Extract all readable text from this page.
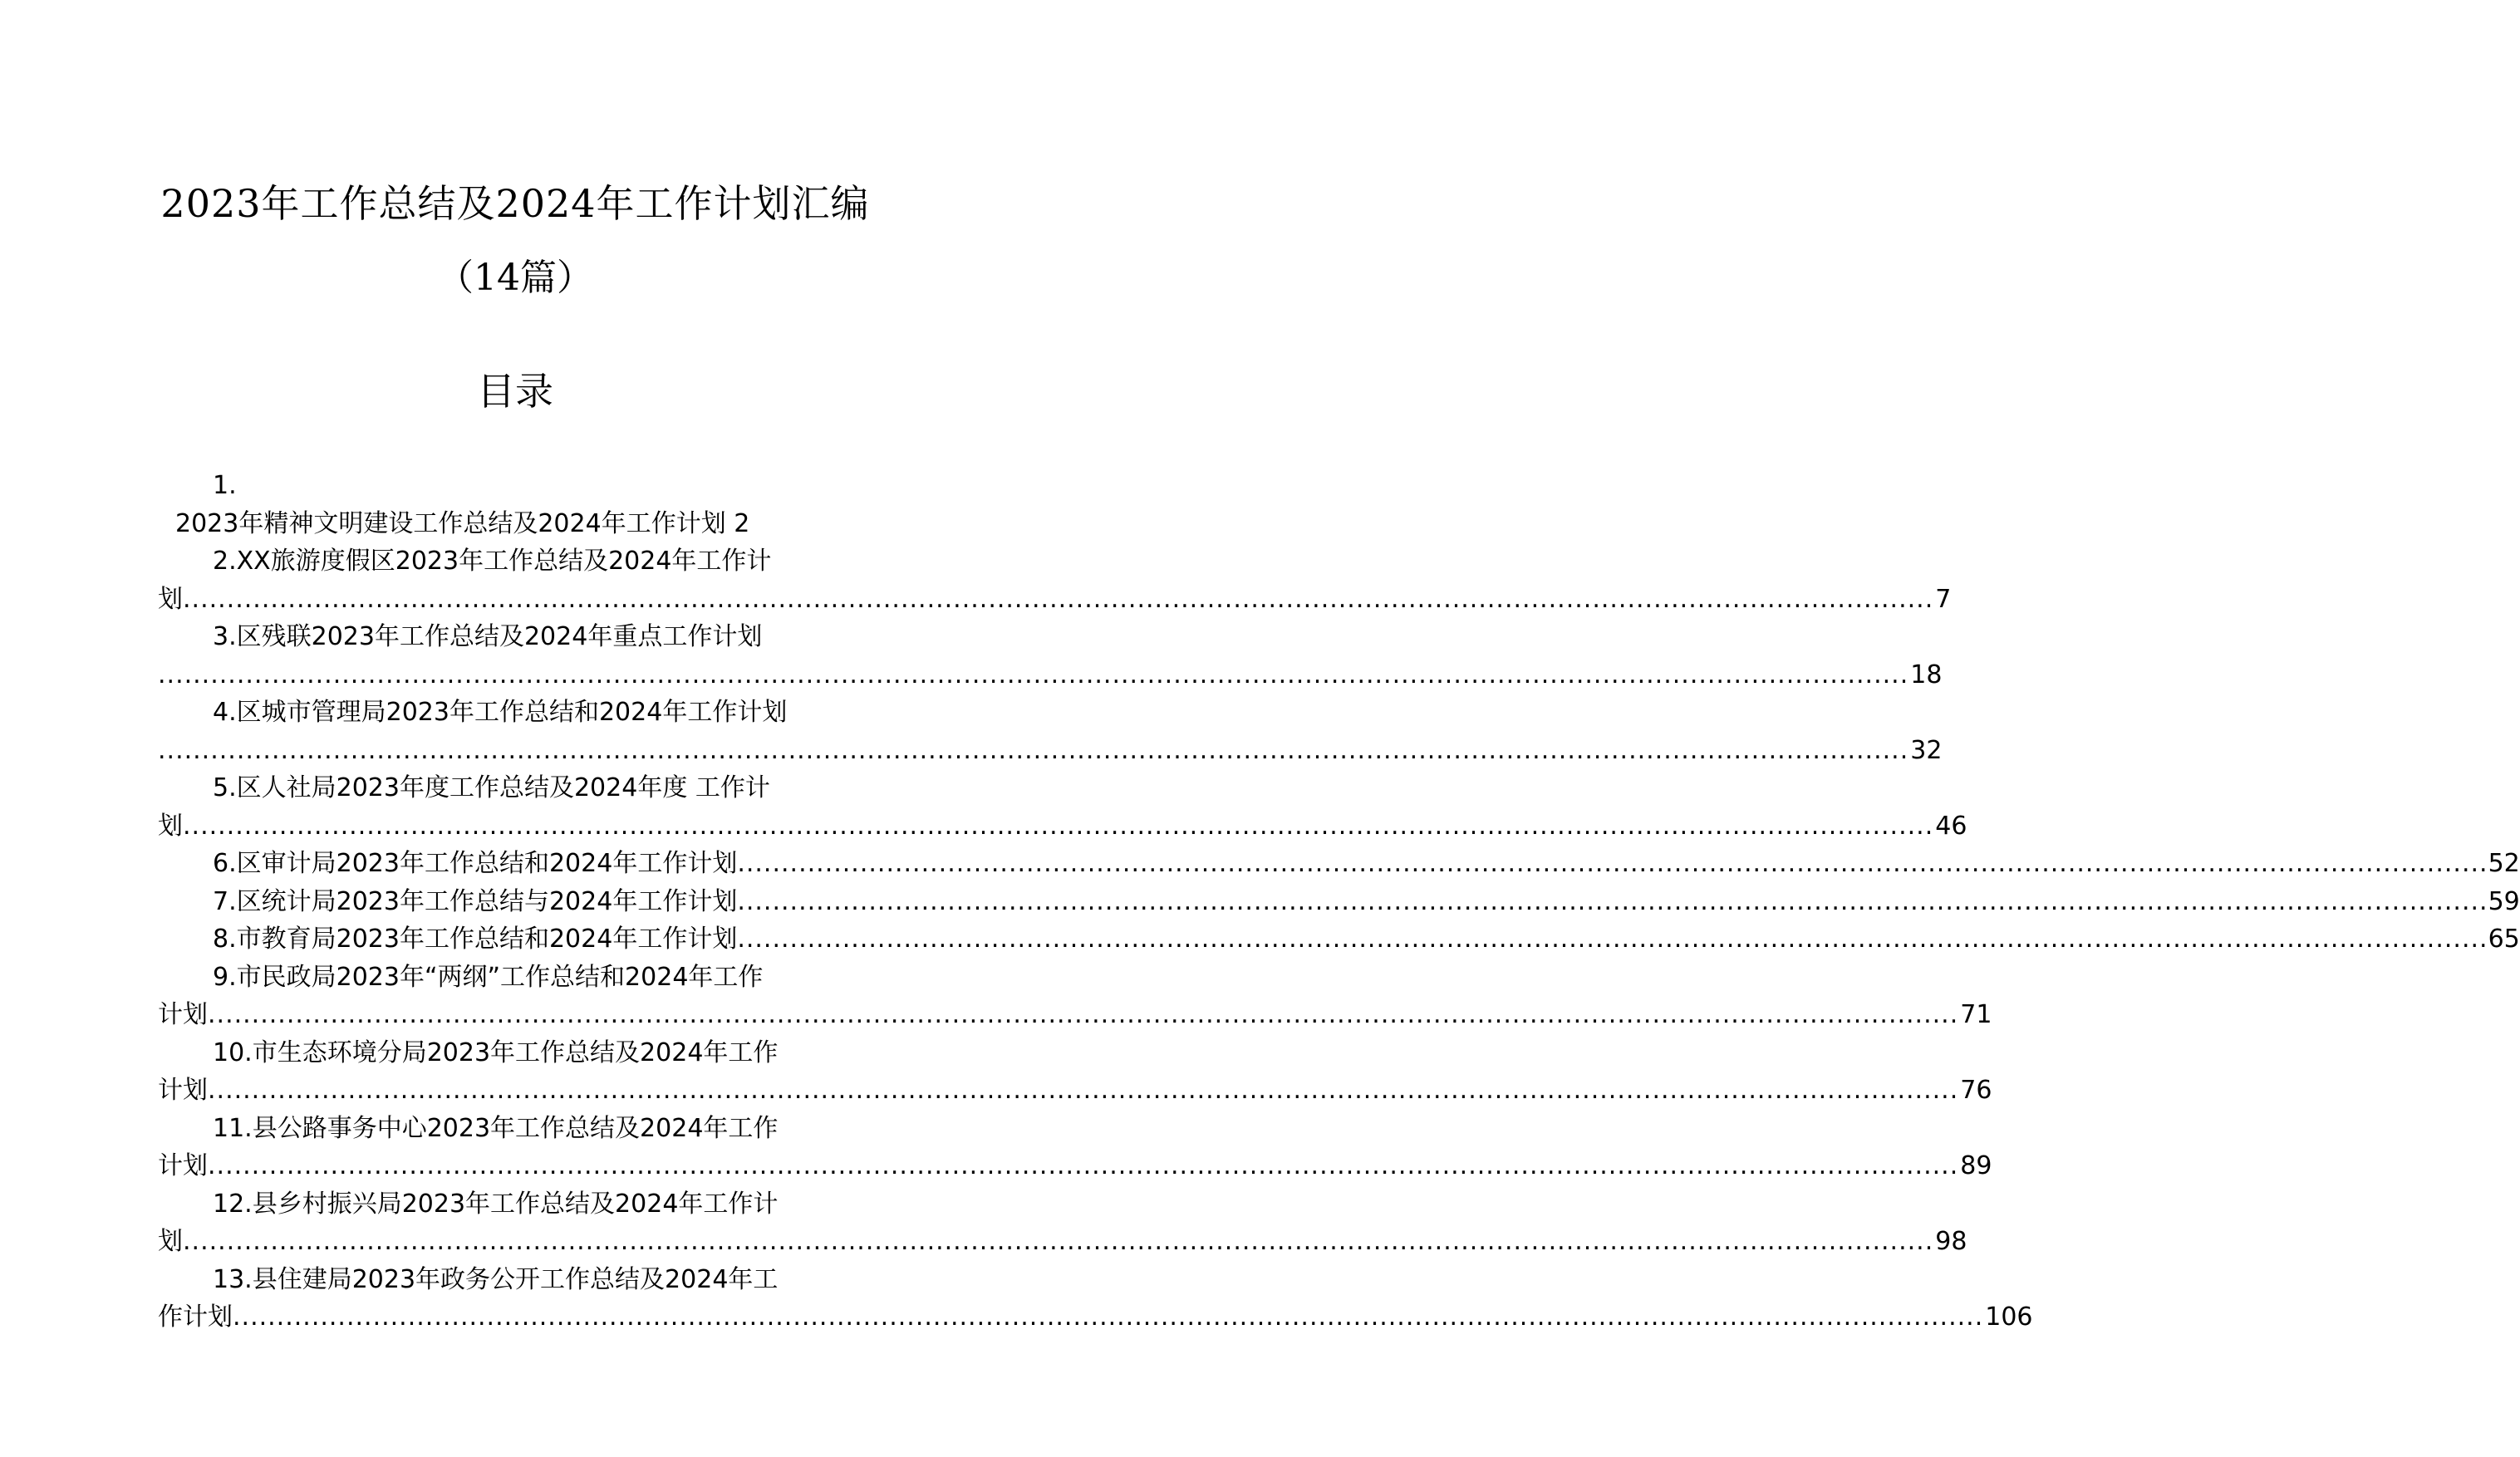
2023年工作总结及2024年工作计划汇编
（14篇）
目录
1.
2023年精神文明建设工作总结及2024年工作计划 2
2.XX旅游度假区2023年工作总结及2024年工作计
划 ........................................................................................................................................................................................................ 7
3.区残联2023年工作总结及2024年重点工作计划
........................................................................................................................................................................................................ 18
4.区城市管理局2023年工作总结和2024年工作计划
........................................................................................................................................................................................................ 32
5.区人社局2023年度工作总结及2024年度 工作计
划 ........................................................................................................................................................................................................ 46
6.区审计局2023年工作总结和2024年工作计划 ........................................................................................................................................................................................................ 52
7.区统计局2023年工作总结与2024年工作计划 ........................................................................................................................................................................................................ 59
8.市教育局2023年工作总结和2024年工作计划 ........................................................................................................................................................................................................ 65
9.市民政局2023年“两纲”工作总结和2024年工作
计划 ........................................................................................................................................................................................................ 71
10.市生态环境分局2023年工作总结及2024年工作
计划 ........................................................................................................................................................................................................ 76
11.县公路事务中心2023年工作总结及2024年工作
计划 ........................................................................................................................................................................................................ 89
12.县乡村振兴局2023年工作总结及2024年工作计
划 ........................................................................................................................................................................................................ 98
13.县住建局2023年政务公开工作总结及2024年工
作计划 ........................................................................................................................................................................................................ 106
